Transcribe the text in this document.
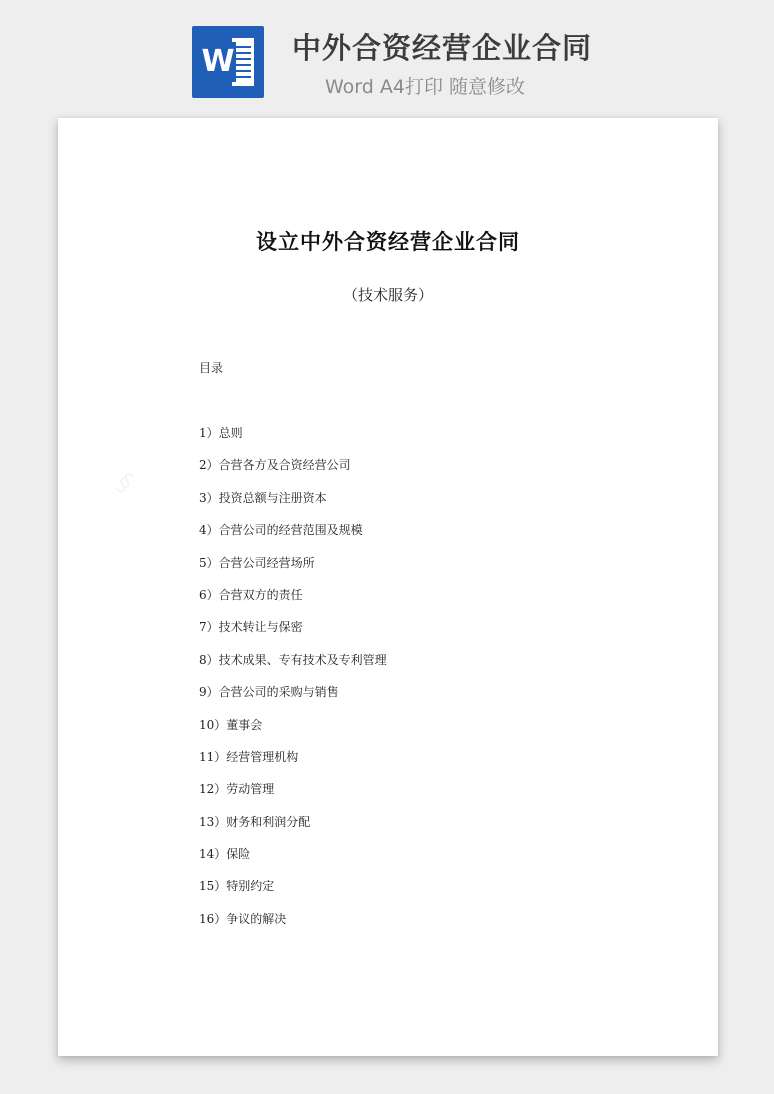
W 中外合资经营企业合同
Word A4打印 随意修改
§
设立中外合资经营企业合同
（技术服务）
目录
1）总则
2）合营各方及合资经营公司
3）投资总额与注册资本
4）合营公司的经营范围及规模
5）合营公司经营场所
6）合营双方的责任
7）技术转让与保密
8）技术成果、专有技术及专利管理
9）合营公司的采购与销售
10）董事会
11）经营管理机构
12）劳动管理
13）财务和利润分配
14）保险
15）特别约定
16）争议的解决
